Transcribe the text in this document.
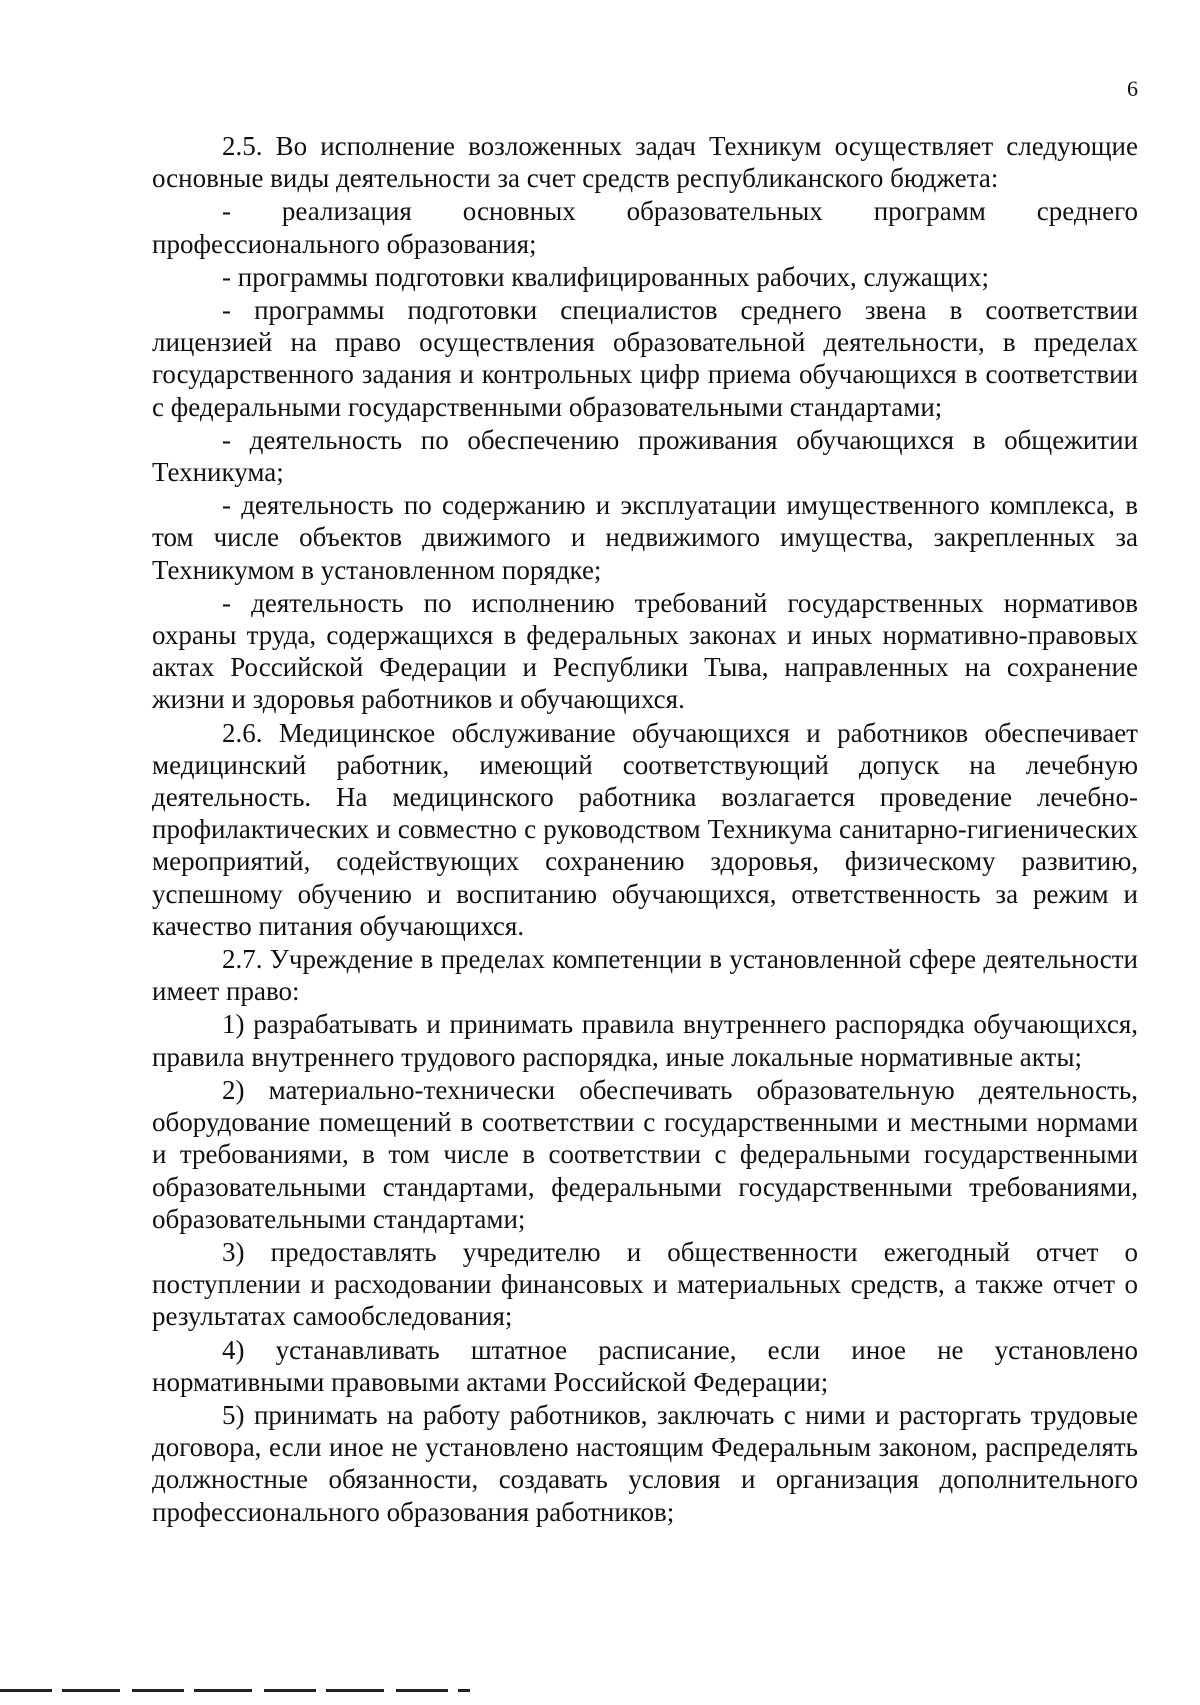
6

2.5. Во исполнение возложенных задач Техникум осуществляет следующие основные виды деятельности за счет средств республиканского бюджета:

- реализация основных образовательных программ среднего профессионального образования;

- программы подготовки квалифицированных рабочих, служащих;

- программы подготовки специалистов среднего звена в соответствии лицензией на право осуществления образовательной деятельности, в пределах государственного задания и контрольных цифр приема обучающихся в соответствии с федеральными государственными образовательными стандартами;

- деятельность по обеспечению проживания обучающихся в общежитии Техникума;

- деятельность по содержанию и эксплуатации имущественного комплекса, в том числе объектов движимого и недвижимого имущества, закрепленных за Техникумом в установленном порядке;

- деятельность по исполнению требований государственных нормативов охраны труда, содержащихся в федеральных законах и иных нормативно-правовых актах Российской Федерации и Республики Тыва, направленных на сохранение жизни и здоровья работников и обучающихся.

2.6. Медицинское обслуживание обучающихся и работников обеспечивает медицинский работник, имеющий соответствующий допуск на лечебную деятельность. На медицинского работника возлагается проведение лечебно-профилактических и совместно с руководством Техникума санитарно-гигиенических мероприятий, содействующих сохранению здоровья, физическому развитию, успешному обучению и воспитанию обучающихся, ответственность за режим и качество питания обучающихся.

2.7. Учреждение в пределах компетенции в установленной сфере деятельности имеет право:

1) разрабатывать и принимать правила внутреннего распорядка обучающихся, правила внутреннего трудового распорядка, иные локальные нормативные акты;

2) материально-технически обеспечивать образовательную деятельность, оборудование помещений в соответствии с государственными и местными нормами и требованиями, в том числе в соответствии с федеральными государственными образовательными стандартами, федеральными государственными требованиями, образовательными стандартами;

3) предоставлять учредителю и общественности ежегодный отчет о поступлении и расходовании финансовых и материальных средств, а также отчет о результатах самообследования;

4) устанавливать штатное расписание, если иное не установлено нормативными правовыми актами Российской Федерации;

5) принимать на работу работников, заключать с ними и расторгать трудовые договора, если иное не установлено настоящим Федеральным законом, распределять должностные обязанности, создавать условия и организация дополнительного профессионального образования работников;
